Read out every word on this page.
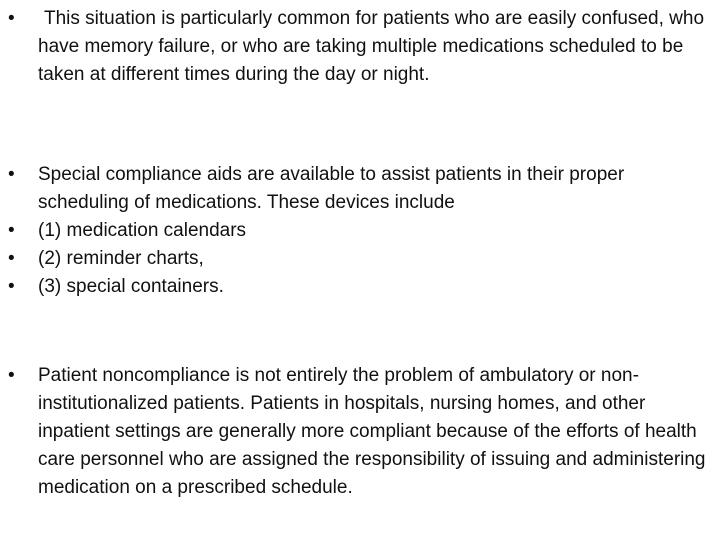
• This situation is particularly common for patients who are easily confused, who have memory failure, or who are taking multiple medications scheduled to be taken at different times during the day or night.
• Special compliance aids are available to assist patients in their proper scheduling of medications. These devices include
• (1) medication calendars
• (2) reminder charts,
• (3) special containers.
• Patient noncompliance is not entirely the problem of ambulatory or non-institutionalized patients. Patients in hospitals, nursing homes, and other inpatient settings are generally more compliant because of the efforts of health care personnel who are assigned the responsibility of issuing and administering medication on a prescribed schedule.
